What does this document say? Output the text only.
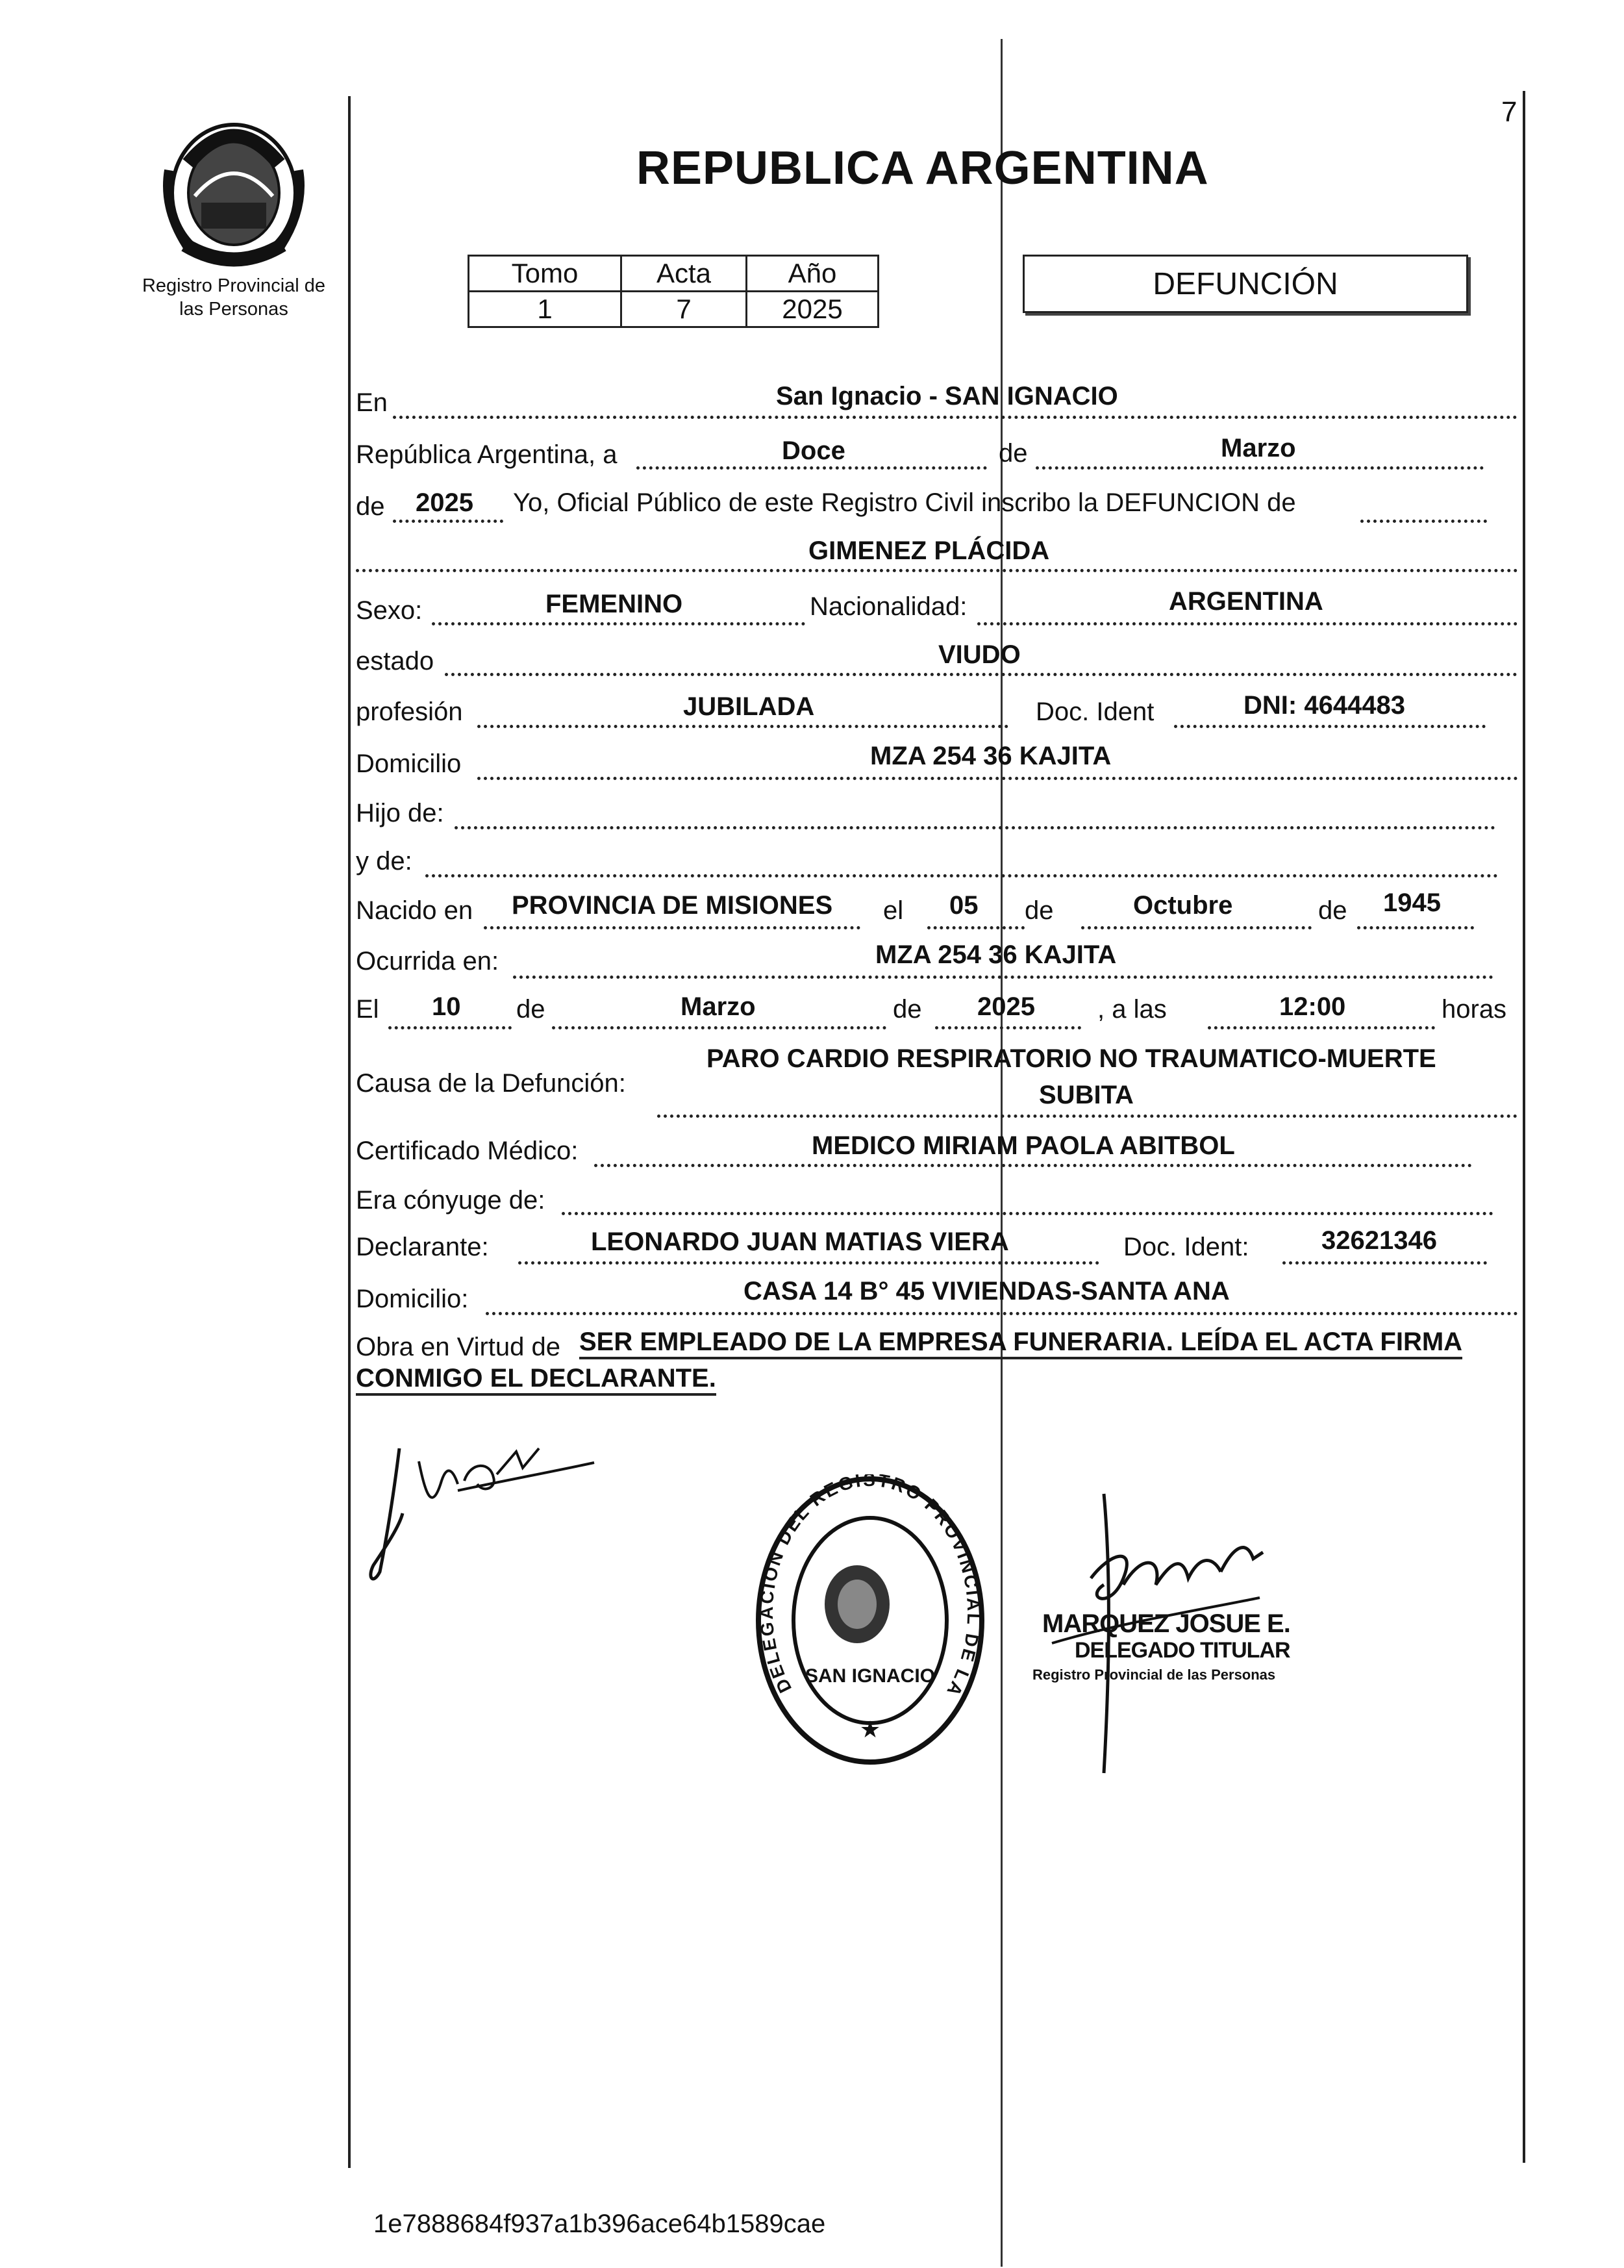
7
Registro Provincial de las Personas
REPUBLICA ARGENTINA
Tomo	Acta	Año
1	7	2025
DEFUNCIÓN
En	San Ignacio - SAN IGNACIO
República Argentina, a	Doce	de	Marzo
de 2025 Yo, Oficial Público de este Registro Civil inscribo la DEFUNCION de
GIMENEZ PLÁCIDA
Sexo:	FEMENINO	Nacionalidad:	ARGENTINA
estado	VIUDO
profesión	JUBILADA	Doc. Ident	DNI: 4644483
Domicilio	MZA 254 36 KAJITA
Hijo de:
y de:
Nacido en PROVINCIA DE MISIONES el 05 de	Octubre	de 1945
Ocurrida en:	MZA 254 36 KAJITA
El 10 de	Marzo	de 2025 , a las	12:00	horas
Causa de la Defunción:
PARO CARDIO RESPIRATORIO NO TRAUMATICO-MUERTE
SUBITA
Certificado Médico:	MEDICO MIRIAM PAOLA ABITBOL
Era cónyuge de:
Declarante:	LEONARDO JUAN MATIAS VIERA	Doc. Ident:	32621346
Domicilio:	CASA 14 B° 45 VIVIENDAS-SANTA ANA
Obra en Virtud de SER EMPLEADO DE LA EMPRESA FUNERARIA. LEÍDA EL ACTA FIRMA
CONMIGO EL DECLARANTE.
DELEGACION DEL REGISTRO PROVINCIAL DE LA
SAN IGNACIO
★
MARQUEZ JOSUE E.
DELEGADO TITULAR
Registro Provincial de las Personas
1e7888684f937a1b396ace64b1589cae
